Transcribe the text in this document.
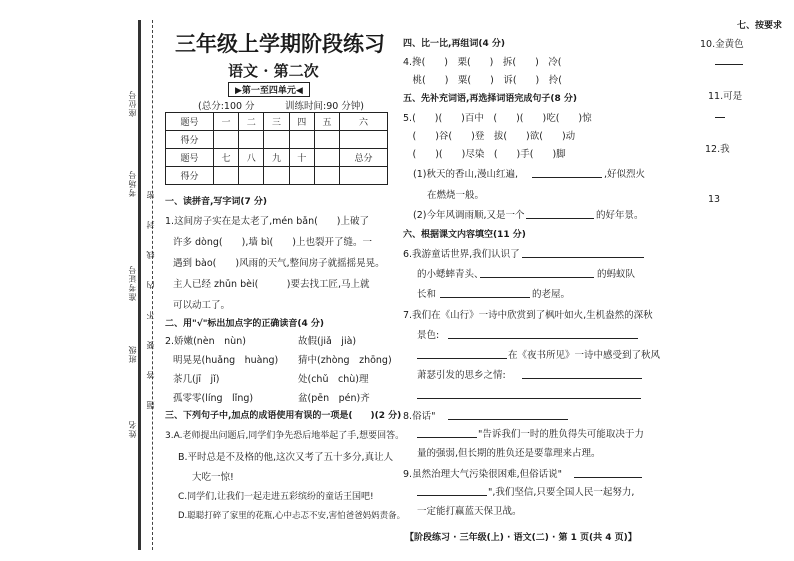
座位号
考场号
准考证号
班级
姓名
密
封
线
内
不
要
答
题
三年级上学期阶段练习
语文 · 第二次
▶第一至四单元◀
(总分:100 分	训练时间:90 分钟)
题号	一	二	三	四	五	六
得分						
题号	七	八	九	十		总分
得分						
一、读拼音,写字词(7 分)
1.这间房子实在是太老了,mén bǎn(　　)上破了
许多 dòng(　　),墙 bì(　　)上也裂开了缝。一
遇到 bào(　　)风雨的天气,整间房子就摇摇晃晃。
主人已经 zhǔn bèi(　　　)要去找工匠,马上就
可以动工了。
二、用"√"标出加点字的正确读音(4 分)
2.娇嫩(nèn　nùn)	故假(jiǎ　jià)
明晃晃(huǎng　huàng) 猜中(zhòng　zhōng)
茶几(jī　jǐ)	处(chǔ　chù)理
孤零零(líng　lǐng)	盆(pēn　pén)齐
三、下列句子中,加点的成语使用有误的一项是(　　)(2 分)
3.A.老师提出问题后,同学们争先恐后地举起了手,想要回答。
B.平时总是不及格的他,这次又考了五十多分,真让人
大吃一惊!
C.同学们,让我们一起走进五彩缤纷的童话王国吧!
D.聪聪打碎了家里的花瓶,心中忐忑不安,害怕爸爸妈妈责备。
四、比一比,再组词(4 分)
4.搀(　　)　栗(　　)　拆(　　)　冷(
　桃(　　)　粟(　　)　诉(　　)　拎(
五、先补充词语,再选择词语完成句子(8 分)
5.(　　)(　　)百中　(　　)(　　)吃(　　)惊
　(　　)谷(　　)登　拔(　　)欲(　　)动
　(　　)(　　)尽染　(　　)手(　　)脚
(1)秋天的香山,漫山红遍,	,好似烈火
在燃烧一般。
(2)今年风调雨顺,又是一个	的好年景。
六、根据课文内容填空(11 分)
6.我游童话世界,我们认识了
的小蟋蟀青头、	的蚂蚁队
长和	的老屋。
7.我们在《山行》一诗中欣赏到了枫叶如火,生机盎然的深秋
景色:
在《夜书所见》一诗中感受到了秋风
萧瑟引发的思乡之情:
8.俗话"
"告诉我们一时的胜负得失可能取决于力
量的强弱,但长期的胜负还是要靠理来占理。
9.虽然治理大气污染很困难,但俗话说"
",我们坚信,只要全国人民一起努力,
一定能打赢蓝天保卫战。
七、按要求
10.金黄色
11.可是
12.我
13
【阶段练习 · 三年级(上) · 语文(二) · 第 1 页(共 4 页)】
